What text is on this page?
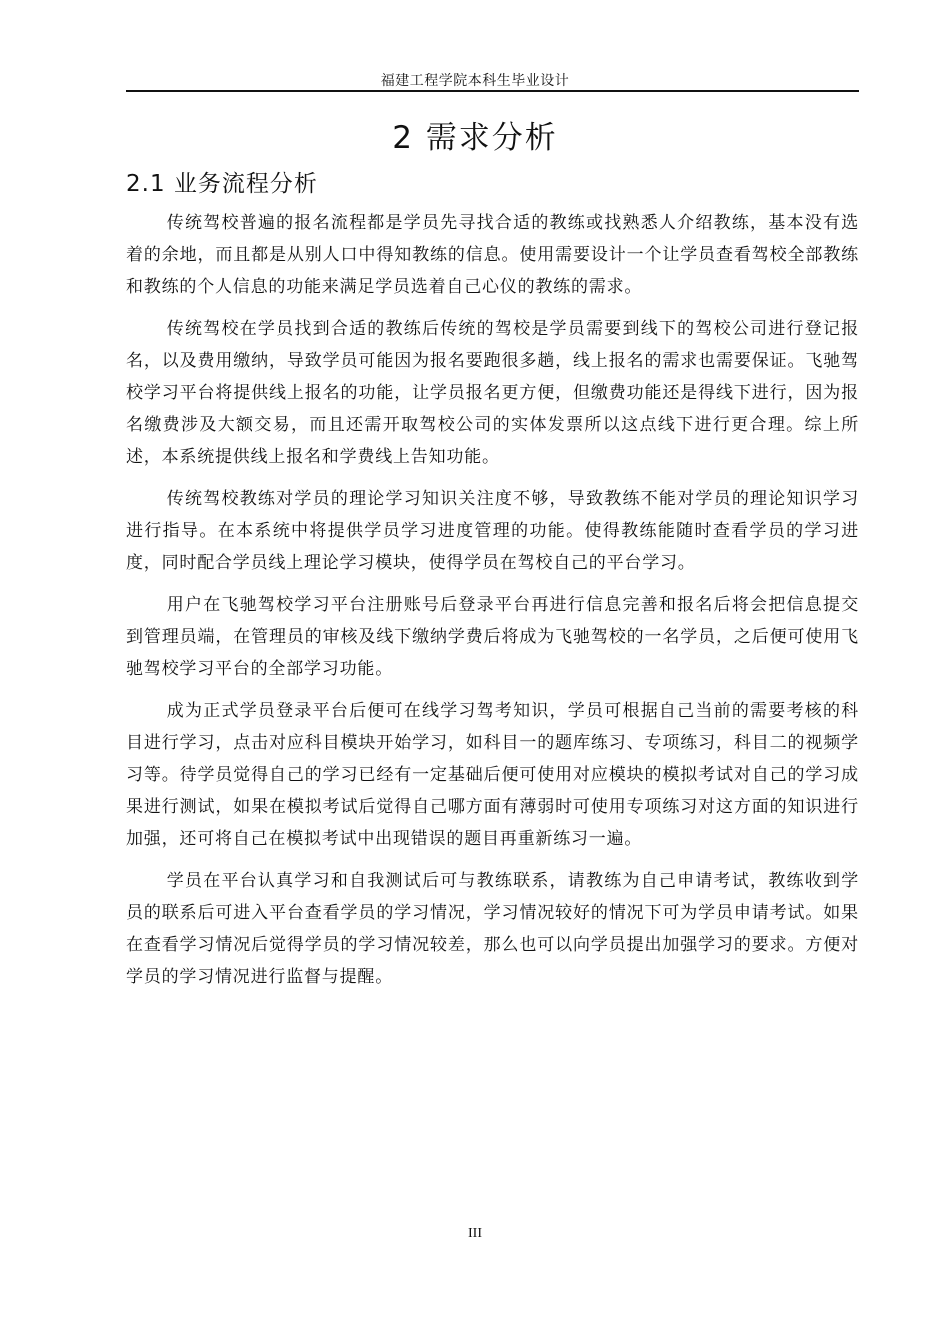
福建工程学院本科生毕业设计
2 需求分析
2.1 业务流程分析

传统驾校普遍的报名流程都是学员先寻找合适的教练或找熟悉人介绍教练，基本没有选着的余地，而且都是从别人口中得知教练的信息。使用需要设计一个让学员查看驾校全部教练和教练的个人信息的功能来满足学员选着自己心仪的教练的需求。

传统驾校在学员找到合适的教练后传统的驾校是学员需要到线下的驾校公司进行登记报名，以及费用缴纳，导致学员可能因为报名要跑很多趟，线上报名的需求也需要保证。飞驰驾校学习平台将提供线上报名的功能，让学员报名更方便，但缴费功能还是得线下进行，因为报名缴费涉及大额交易，而且还需开取驾校公司的实体发票所以这点线下进行更合理。综上所述，本系统提供线上报名和学费线上告知功能。

传统驾校教练对学员的理论学习知识关注度不够，导致教练不能对学员的理论知识学习进行指导。在本系统中将提供学员学习进度管理的功能。使得教练能随时查看学员的学习进度，同时配合学员线上理论学习模块，使得学员在驾校自己的平台学习。

用户在飞驰驾校学习平台注册账号后登录平台再进行信息完善和报名后将会把信息提交到管理员端，在管理员的审核及线下缴纳学费后将成为飞驰驾校的一名学员，之后便可使用飞驰驾校学习平台的全部学习功能。

成为正式学员登录平台后便可在线学习驾考知识，学员可根据自己当前的需要考核的科目进行学习，点击对应科目模块开始学习，如科目一的题库练习、专项练习，科目二的视频学习等。待学员觉得自己的学习已经有一定基础后便可使用对应模块的模拟考试对自己的学习成果进行测试，如果在模拟考试后觉得自己哪方面有薄弱时可使用专项练习对这方面的知识进行加强，还可将自己在模拟考试中出现错误的题目再重新练习一遍。

学员在平台认真学习和自我测试后可与教练联系，请教练为自己申请考试，教练收到学员的联系后可进入平台查看学员的学习情况，学习情况较好的情况下可为学员申请考试。如果在查看学习情况后觉得学员的学习情况较差，那么也可以向学员提出加强学习的要求。方便对学员的学习情况进行监督与提醒。

III
